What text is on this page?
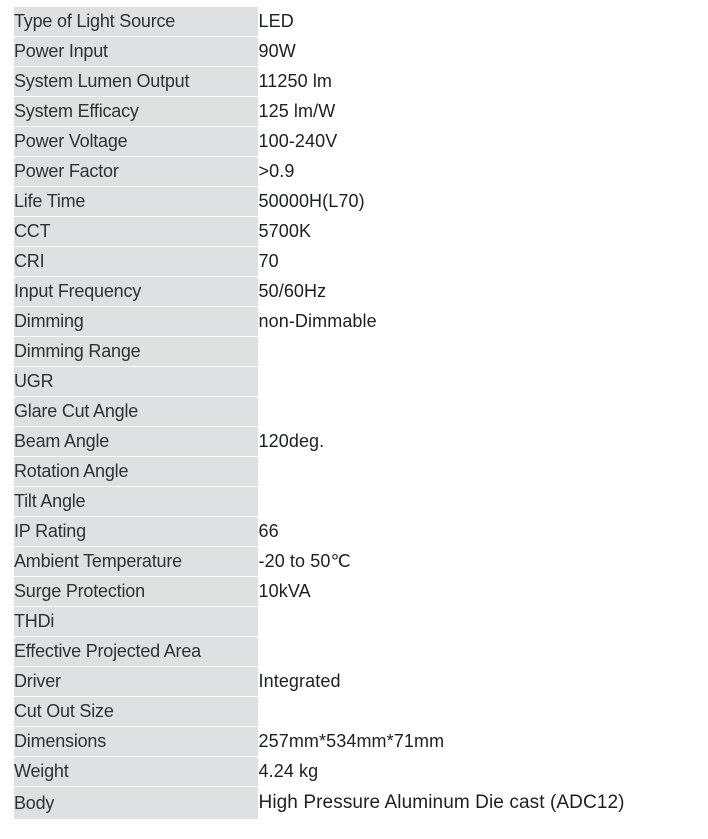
Type of Light Source	LED
Power Input	90W
System Lumen Output	11250 lm
System Efficacy	125 lm/W
Power Voltage	100-240V
Power Factor	>0.9
Life Time	50000H(L70)
CCT	5700K
CRI	70
Input Frequency	50/60Hz
Dimming	non-Dimmable
Dimming Range	
UGR	
Glare Cut Angle	
Beam Angle	120deg.
Rotation Angle	
Tilt Angle	
IP Rating	66
Ambient Temperature	-20 to 50℃
Surge Protection	10kVA
THDi	
Effective Projected Area	
Driver	Integrated
Cut Out Size	
Dimensions	257mm*534mm*71mm
Weight	4.24 kg
Body	High Pressure Aluminum Die cast (ADC12)
